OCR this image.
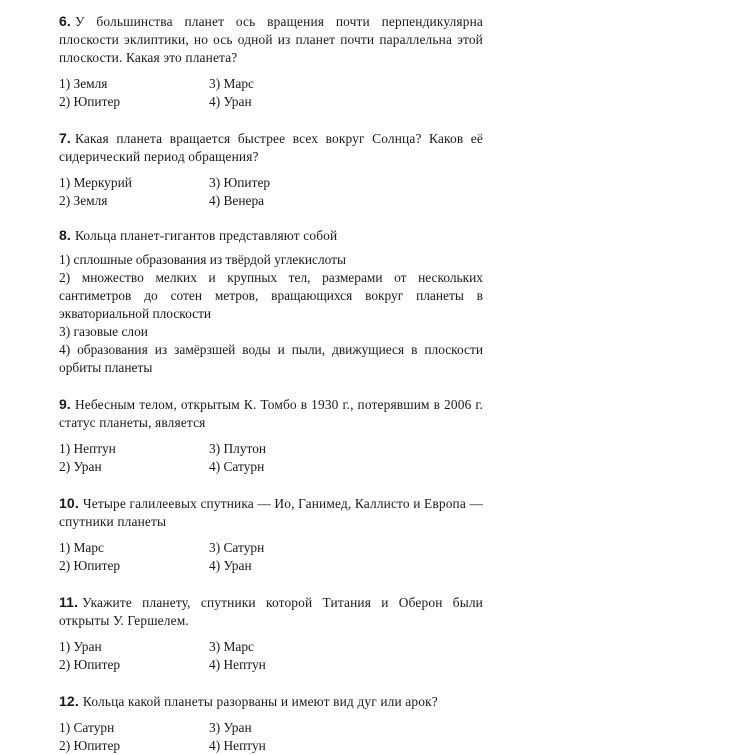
6. У большинства планет ось вращения почти перпендикулярна плоскости эклиптики, но ось одной из планет почти параллельна этой плоскости. Какая это планета?

1) Земля	3) Марс
2) Юпитер	4) Уран

7. Какая планета вращается быстрее всех вокруг Солнца? Каков её сидерический период обращения?

1) Меркурий	3) Юпитер
2) Земля	4) Венера

8. Кольца планет-гигантов представляют собой

1) сплошные образования из твёрдой углекислоты
2) множество мелких и крупных тел, размерами от нескольких сантиметров до сотен метров, вращающихся вокруг планеты в экваториальной плоскости
3) газовые слои
4) образования из замёрзшей воды и пыли, движущиеся в плоскости орбиты планеты

9. Небесным телом, открытым К. Томбо в 1930 г., потерявшим в 2006 г. статус планеты, является

1) Нептун	3) Плутон
2) Уран	4) Сатурн

10. Четыре галилеевых спутника — Ио, Ганимед, Каллисто и Европа — спутники планеты

1) Марс	3) Сатурн
2) Юпитер	4) Уран

11. Укажите планету, спутники которой Титания и Оберон были открыты У. Гершелем.

1) Уран	3) Марс
2) Юпитер	4) Нептун

12. Кольца какой планеты разорваны и имеют вид дуг или арок?

1) Сатурн	3) Уран
2) Юпитер	4) Нептун
